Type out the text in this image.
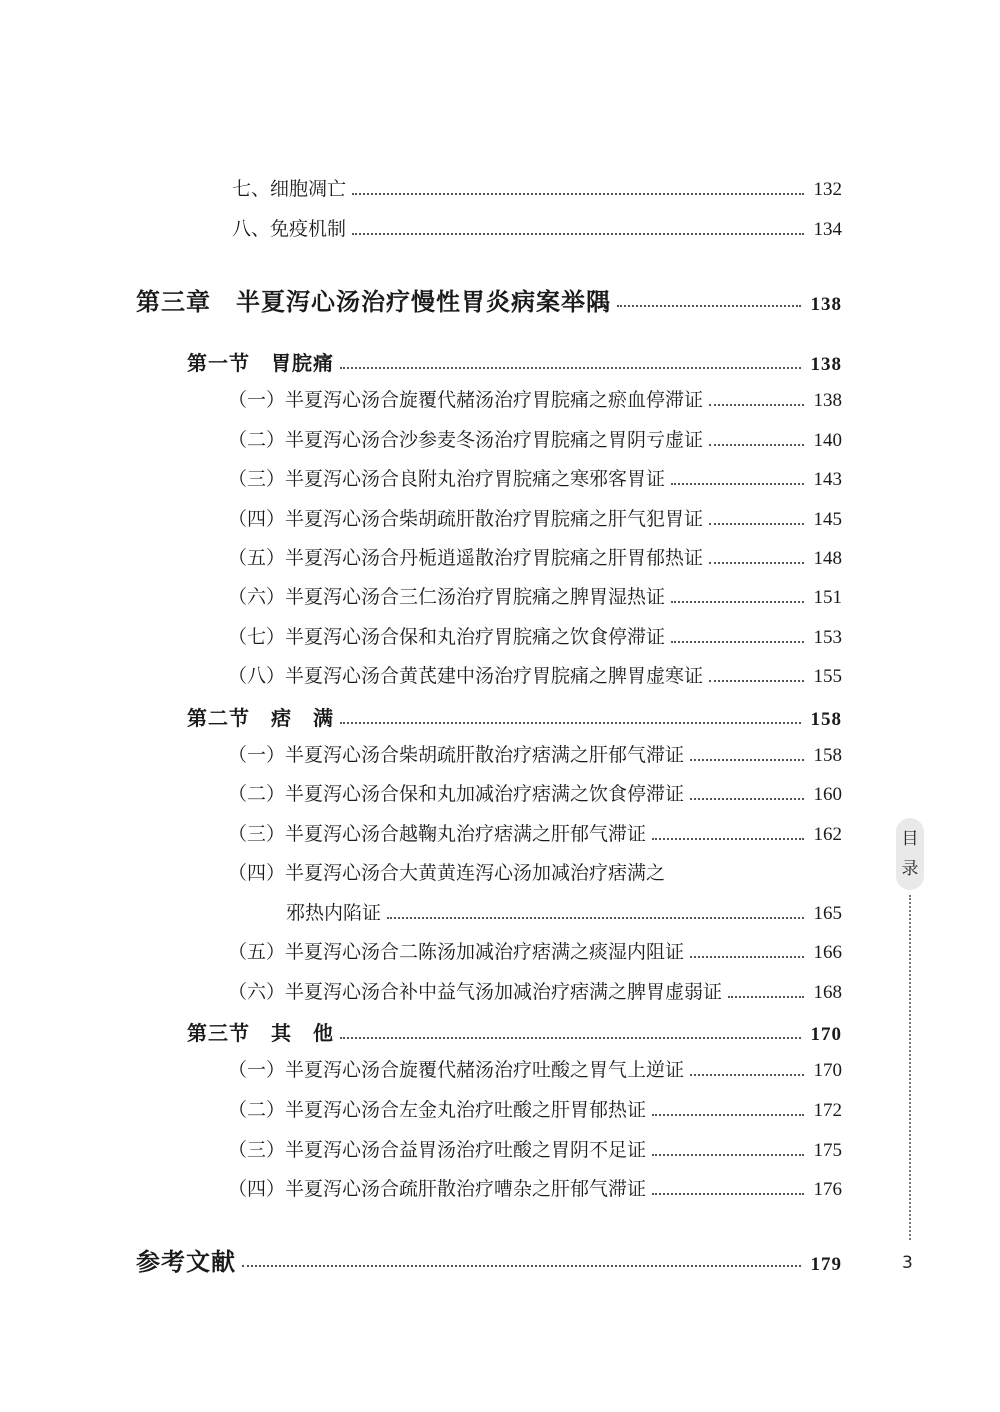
七、细胞凋亡	132
八、免疫机制	134
第三章　半夏泻心汤治疗慢性胃炎病案举隅	138
第一节　胃脘痛	138
（一）半夏泻心汤合旋覆代赭汤治疗胃脘痛之瘀血停滞证	138
（二）半夏泻心汤合沙参麦冬汤治疗胃脘痛之胃阴亏虚证	140
（三）半夏泻心汤合良附丸治疗胃脘痛之寒邪客胃证	143
（四）半夏泻心汤合柴胡疏肝散治疗胃脘痛之肝气犯胃证	145
（五）半夏泻心汤合丹栀逍遥散治疗胃脘痛之肝胃郁热证	148
（六）半夏泻心汤合三仁汤治疗胃脘痛之脾胃湿热证	151
（七）半夏泻心汤合保和丸治疗胃脘痛之饮食停滞证	153
（八）半夏泻心汤合黄芪建中汤治疗胃脘痛之脾胃虚寒证	155
第二节　痞　满	158
（一）半夏泻心汤合柴胡疏肝散治疗痞满之肝郁气滞证	158
（二）半夏泻心汤合保和丸加减治疗痞满之饮食停滞证	160
（三）半夏泻心汤合越鞠丸治疗痞满之肝郁气滞证	162
（四）半夏泻心汤合大黄黄连泻心汤加减治疗痞满之
邪热内陷证	165
（五）半夏泻心汤合二陈汤加减治疗痞满之痰湿内阻证	166
（六）半夏泻心汤合补中益气汤加减治疗痞满之脾胃虚弱证	168
第三节　其　他	170
（一）半夏泻心汤合旋覆代赭汤治疗吐酸之胃气上逆证	170
（二）半夏泻心汤合左金丸治疗吐酸之肝胃郁热证	172
（三）半夏泻心汤合益胃汤治疗吐酸之胃阴不足证	175
（四）半夏泻心汤合疏肝散治疗嘈杂之肝郁气滞证	176
参考文献	179
目
录
3
